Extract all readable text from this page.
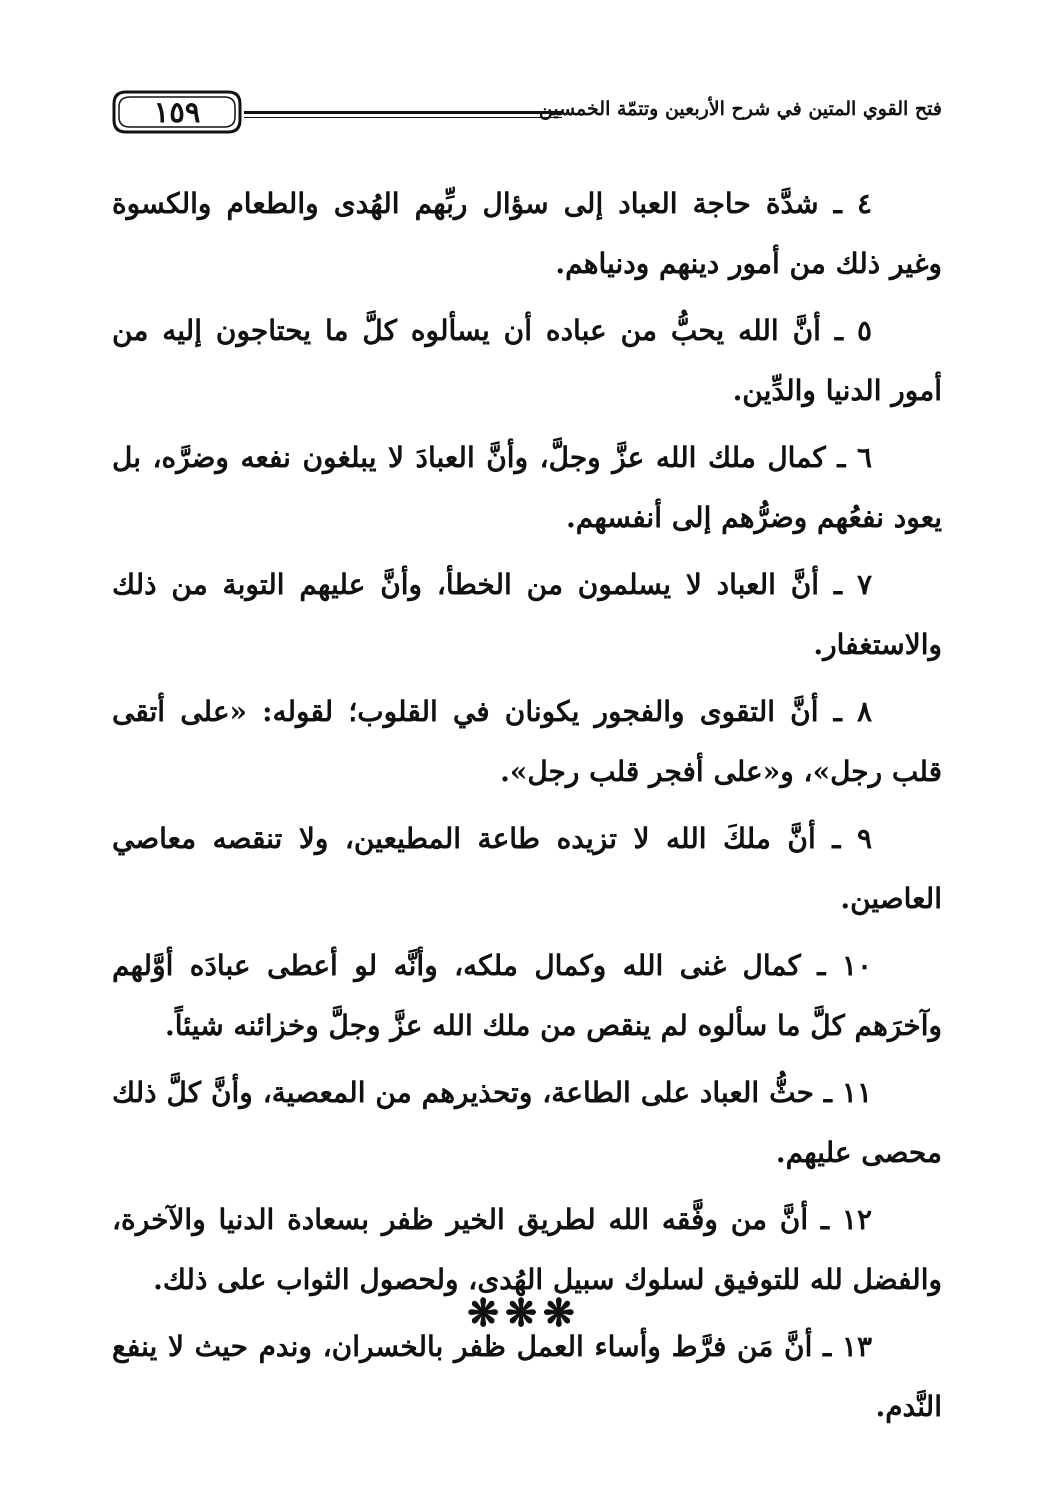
فتح القوي المتين في شرح الأربعين وتتمّة الخمسين
١٥٩

٤ ـ شدَّة حاجة العباد إلى سؤال ربِّهم الهُدى والطعام والكسوة وغير ذلك من أمور دينهم ودنياهم.

٥ ـ أنَّ الله يحبُّ من عباده أن يسألوه كلَّ ما يحتاجون إليه من أمور الدنيا والدِّين.

٦ ـ كمال ملك الله عزَّ وجلَّ، وأنَّ العبادَ لا يبلغون نفعه وضرَّه، بل يعود نفعُهم وضرُّهم إلى أنفسهم.

٧ ـ أنَّ العباد لا يسلمون من الخطأ، وأنَّ عليهم التوبة من ذلك والاستغفار.

٨ ـ أنَّ التقوى والفجور يكونان في القلوب؛ لقوله: «على أتقى قلب رجل»، و«على أفجر قلب رجل».

٩ ـ أنَّ ملكَ الله لا تزيده طاعة المطيعين، ولا تنقصه معاصي العاصين.

١٠ ـ كمال غنى الله وكمال ملكه، وأنَّه لو أعطى عبادَه أوَّلهم وآخرَهم كلَّ ما سألوه لم ينقص من ملك الله عزَّ وجلَّ وخزائنه شيئاً.

١١ ـ حثُّ العباد على الطاعة، وتحذيرهم من المعصية، وأنَّ كلَّ ذلك محصى عليهم.

١٢ ـ أنَّ من وفَّقه الله لطريق الخير ظفر بسعادة الدنيا والآخرة، والفضل لله للتوفيق لسلوك سبيل الهُدى، ولحصول الثواب على ذلك.

١٣ ـ أنَّ مَن فرَّط وأساء العمل ظفر بالخسران، وندم حيث لا ينفع النَّدم.

❋❋❋
